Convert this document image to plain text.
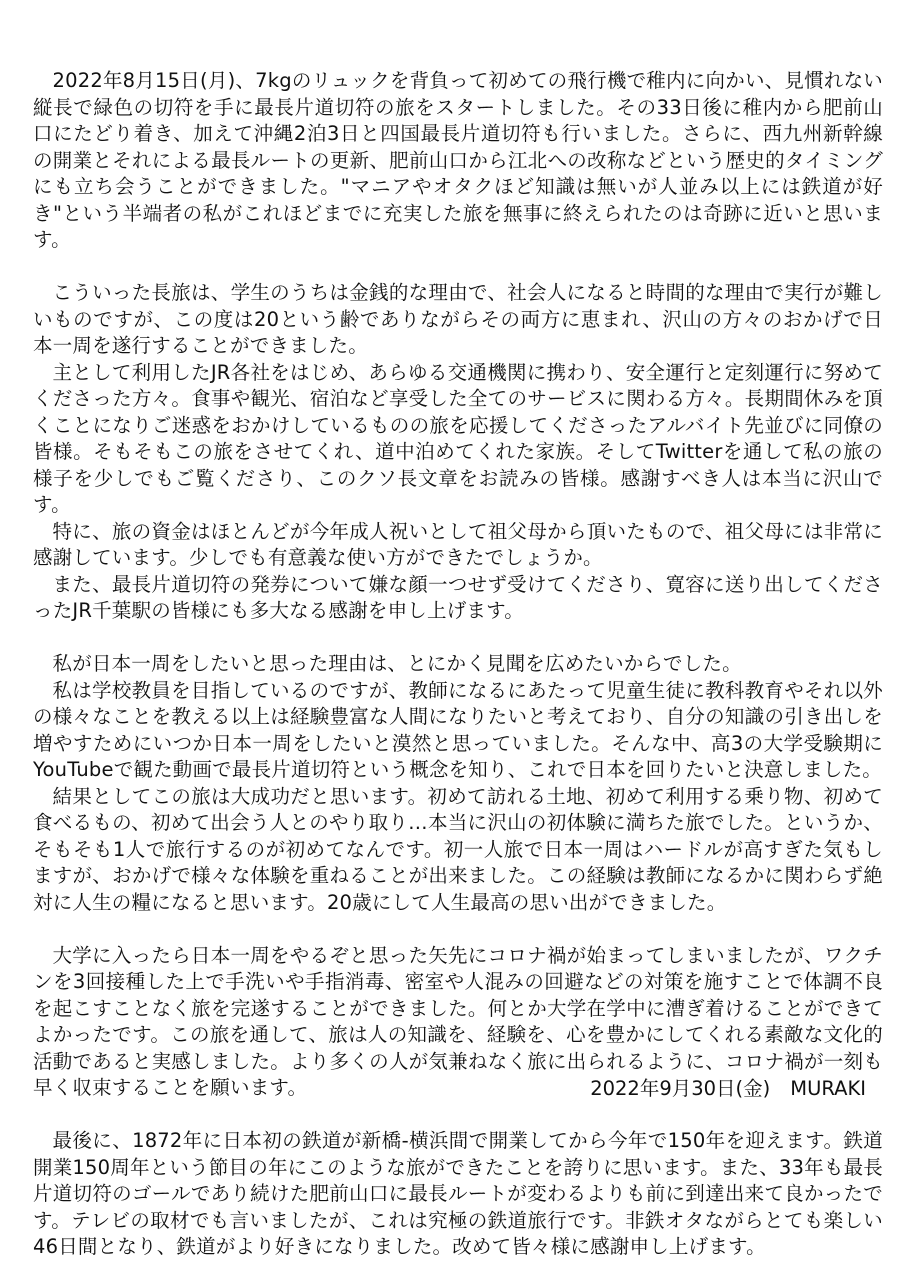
2022年8月15日(月)、7kgのリュックを背負って初めての飛行機で稚内に向かい、見慣れない縦長で緑色の切符を手に最長片道切符の旅をスタートしました。その33日後に稚内から肥前山口にたどり着き、加えて沖縄2泊3日と四国最長片道切符も行いました。さらに、西九州新幹線の開業とそれによる最長ルートの更新、肥前山口から江北への改称などという歴史的タイミングにも立ち会うことができました。"マニアやオタクほど知識は無いが人並み以上には鉄道が好き"という半端者の私がこれほどまでに充実した旅を無事に終えられたのは奇跡に近いと思います。

こういった長旅は、学生のうちは金銭的な理由で、社会人になると時間的な理由で実行が難しいものですが、この度は20という齢でありながらその両方に恵まれ、沢山の方々のおかげで日本一周を遂行することができました。

主として利用したJR各社をはじめ、あらゆる交通機関に携わり、安全運行と定刻運行に努めてくださった方々。食事や観光、宿泊など享受した全てのサービスに関わる方々。長期間休みを頂くことになりご迷惑をおかけしているものの旅を応援してくださったアルバイト先並びに同僚の皆様。そもそもこの旅をさせてくれ、道中泊めてくれた家族。そしてTwitterを通して私の旅の様子を少しでもご覧くださり、このクソ長文章をお読みの皆様。感謝すべき人は本当に沢山です。

特に、旅の資金はほとんどが今年成人祝いとして祖父母から頂いたもので、祖父母には非常に感謝しています。少しでも有意義な使い方ができたでしょうか。

また、最長片道切符の発券について嫌な顔一つせず受けてくださり、寛容に送り出してくださったJR千葉駅の皆様にも多大なる感謝を申し上げます。

私が日本一周をしたいと思った理由は、とにかく見聞を広めたいからでした。

私は学校教員を目指しているのですが、教師になるにあたって児童生徒に教科教育やそれ以外の様々なことを教える以上は経験豊富な人間になりたいと考えており、自分の知識の引き出しを増やすためにいつか日本一周をしたいと漠然と思っていました。そんな中、高3の大学受験期にYouTubeで観た動画で最長片道切符という概念を知り、これで日本を回りたいと決意しました。

結果としてこの旅は大成功だと思います。初めて訪れる土地、初めて利用する乗り物、初めて食べるもの、初めて出会う人とのやり取り…本当に沢山の初体験に満ちた旅でした。というか、そもそも1人で旅行するのが初めてなんです。初一人旅で日本一周はハードルが高すぎた気もしますが、おかげで様々な体験を重ねることが出来ました。この経験は教師になるかに関わらず絶対に人生の糧になると思います。20歳にして人生最高の思い出ができました。

大学に入ったら日本一周をやるぞと思った矢先にコロナ禍が始まってしまいましたが、ワクチンを3回接種した上で手洗いや手指消毒、密室や人混みの回避などの対策を施すことで体調不良を起こすことなく旅を完遂することができました。何とか大学在学中に漕ぎ着けることができてよかったです。この旅を通して、旅は人の知識を、経験を、心を豊かにしてくれる素敵な文化的活動であると実感しました。より多くの人が気兼ねなく旅に出られるように、コロナ禍が一刻も早く収束することを願います。

最後に、1872年に日本初の鉄道が新橋-横浜間で開業してから今年で150年を迎えます。鉄道開業150周年という節目の年にこのような旅ができたことを誇りに思います。また、33年も最長片道切符のゴールであり続けた肥前山口に最長ルートが変わるよりも前に到達出来て良かったです。テレビの取材でも言いましたが、これは究極の鉄道旅行です。非鉄オタながらとても楽しい46日間となり、鉄道がより好きになりました。改めて皆々様に感謝申し上げます。

2022年9月30日(金) MURAKI
